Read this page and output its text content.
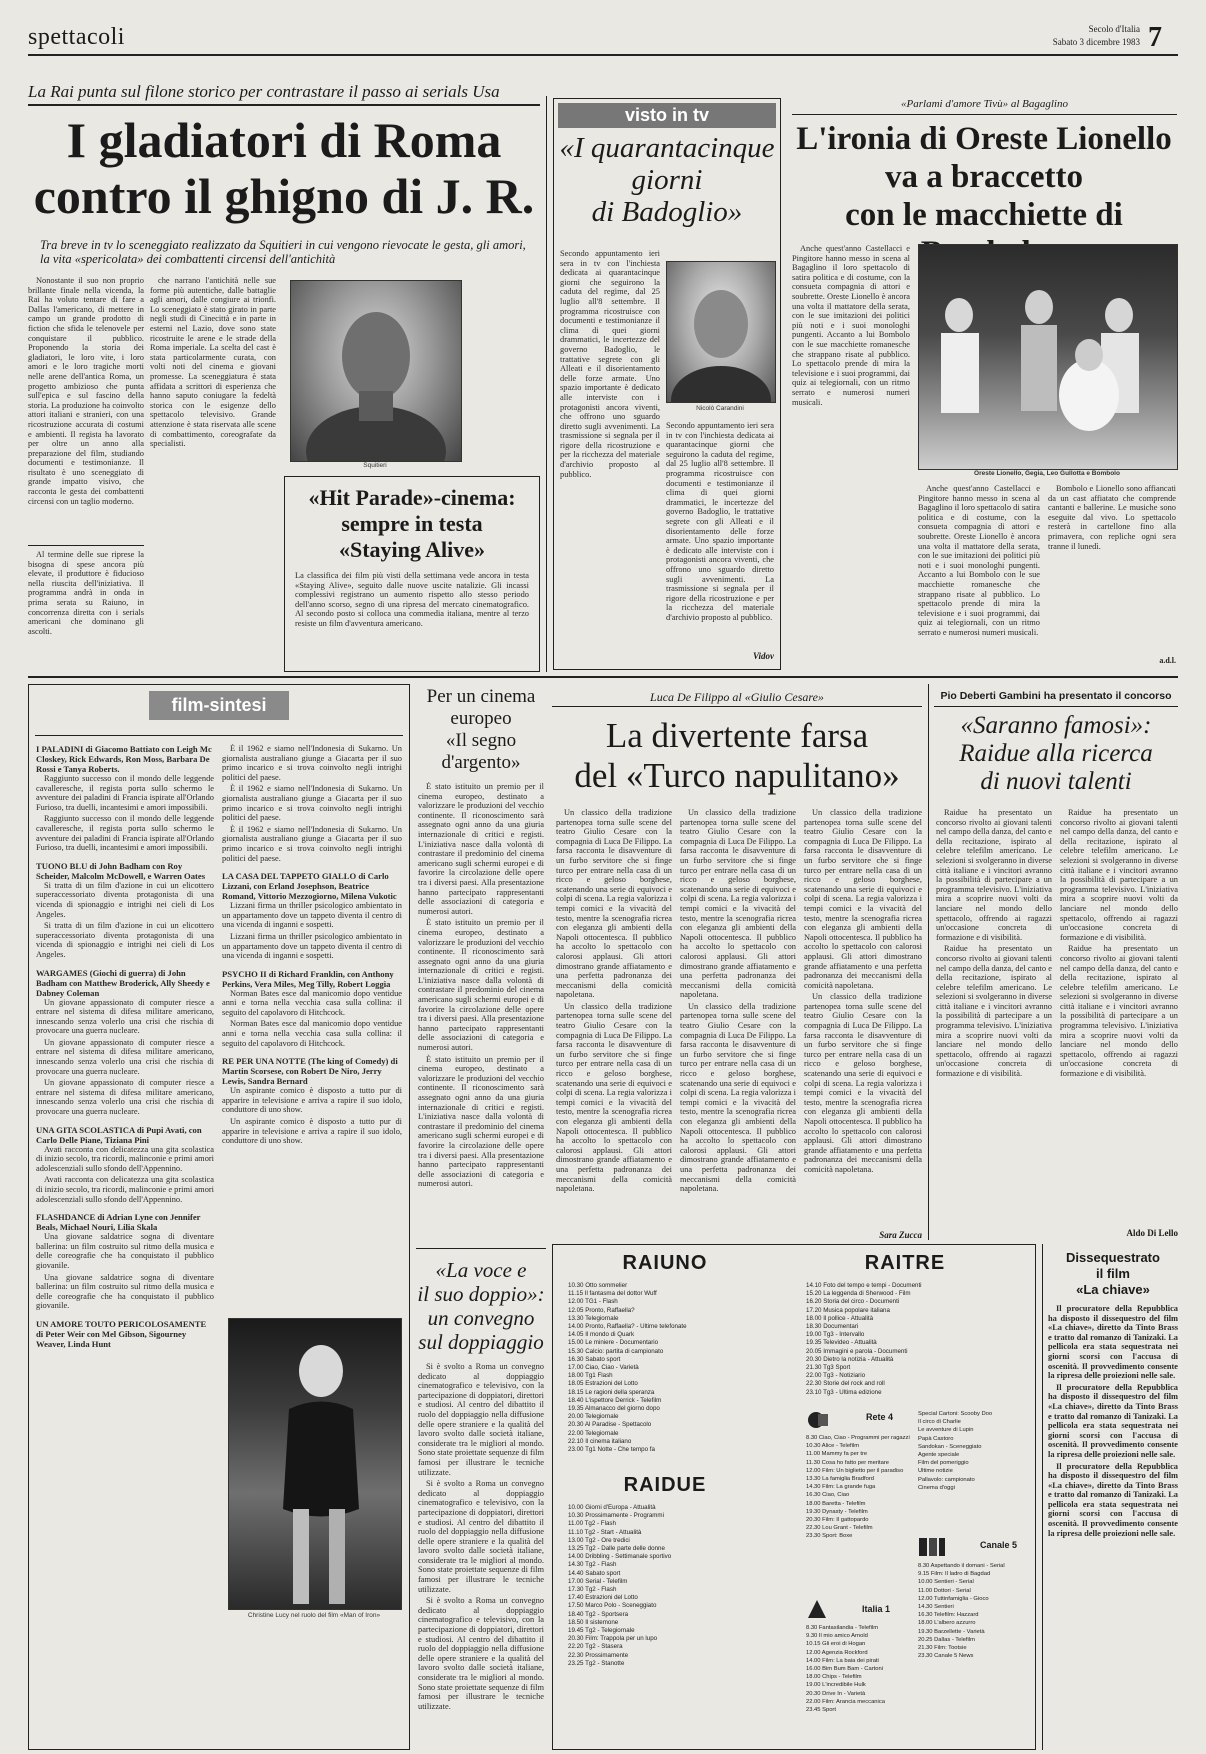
spettacoli	Secolo d'Italia
Sabato 3 dicembre 1983 7
La Rai punta sul filone storico per contrastare il passo ai serials Usa
I gladiatori di Roma
contro il ghigno di J. R.
Tra breve in tv lo sceneggiato realizzato da Squitieri in cui vengono rievocate le gesta, gli amori, la vita «spericolata» dei combattenti circensi dell'antichità

Nonostante il suo non proprio brillante finale nella vicenda, la Rai ha voluto tentare di fare a Dallas l'americano, di mettere in campo un grande prodotto di fiction che sfida le telenovele per conquistare il pubblico. Proponendo la storia dei gladiatori, le loro vite, i loro amori e le loro tragiche morti nelle arene dell'antica Roma, un progetto ambizioso che punta sull'epica e sul fascino della storia. La produzione ha coinvolto attori italiani e stranieri, con una ricostruzione accurata di costumi e ambienti. Il regista ha lavorato per oltre un anno alla preparazione del film, studiando documenti e testimonianze. Il risultato è uno sceneggiato di grande impatto visivo, che racconta le gesta dei combattenti circensi con un taglio moderno.

Al termine delle sue riprese la bisogna di spese ancora più elevate, il produttore è fiducioso nella riuscita dell'iniziativa. Il programma andrà in onda in prima serata su Raiuno, in concorrenza diretta con i serials americani che dominano gli ascolti.

che narrano l'antichità nelle sue forme più autentiche, dalle battaglie agli amori, dalle congiure ai trionfi. Lo sceneggiato è stato girato in parte negli studi di Cinecittà e in parte in esterni nel Lazio, dove sono state ricostruite le arene e le strade della Roma imperiale. La scelta del cast è stata particolarmente curata, con volti noti del cinema e giovani promesse. La sceneggiatura è stata affidata a scrittori di esperienza che hanno saputo coniugare la fedeltà storica con le esigenze dello spettacolo televisivo. Grande attenzione è stata riservata alle scene di combattimento, coreografate da specialisti.

Squitieri
«Hit Parade»-cinema:
sempre in testa
«Staying Alive»
La classifica dei film più visti della settimana vede ancora in testa «Staying Alive», seguito dalle nuove uscite natalizie. Gli incassi complessivi registrano un aumento rispetto allo stesso periodo dell'anno scorso, segno di una ripresa del mercato cinematografico. Al secondo posto si colloca una commedia italiana, mentre al terzo resiste un film d'avventura americano.
visto in tv
«I quarantacinque
giorni
di Badoglio»
Secondo appuntamento ieri sera in tv con l'inchiesta dedicata ai quarantacinque giorni che seguirono la caduta del regime, dal 25 luglio all'8 settembre. Il programma ricostruisce con documenti e testimonianze il clima di quei giorni drammatici, le incertezze del governo Badoglio, le trattative segrete con gli Alleati e il disorientamento delle forze armate. Uno spazio importante è dedicato alle interviste con i protagonisti ancora viventi, che offrono uno sguardo diretto sugli avvenimenti. La trasmissione si segnala per il rigore della ricostruzione e per la ricchezza del materiale d'archivio proposto al pubblico.
Nicolò Carandini
Secondo appuntamento ieri sera in tv con l'inchiesta dedicata ai quarantacinque giorni che seguirono la caduta del regime, dal 25 luglio all'8 settembre. Il programma ricostruisce con documenti e testimonianze il clima di quei giorni drammatici, le incertezze del governo Badoglio, le trattative segrete con gli Alleati e il disorientamento delle forze armate. Uno spazio importante è dedicato alle interviste con i protagonisti ancora viventi, che offrono uno sguardo diretto sugli avvenimenti. La trasmissione si segnala per il rigore della ricostruzione e per la ricchezza del materiale d'archivio proposto al pubblico.
Vidov
«Parlami d'amore Tivù» al Bagaglino
L'ironia di Oreste Lionello
va a braccetto
con le macchiette di

Anche quest'anno Castellacci e Pingitore hanno messo in scena al Bagaglino il loro spettacolo di satira politica e di costume, con la consueta compagnia di attori e soubrette. Oreste Lionello è ancora una volta il mattatore della serata, con le sue imitazioni dei politici più noti e i suoi monologhi pungenti. Accanto a lui Bombolo con le sue macchiette romanesche che strappano risate al pubblico. Lo spettacolo prende di mira la televisione e i suoi programmi, dai quiz ai telegiornali, con un ritmo serrato e numerosi numeri musicali.

Oreste Lionello, Gegia, Leo Gullotta e Bombolo

Anche quest'anno Castellacci e Pingitore hanno messo in scena al Bagaglino il loro spettacolo di satira politica e di costume, con la consueta compagnia di attori e soubrette. Oreste Lionello è ancora una volta il mattatore della serata, con le sue imitazioni dei politici più noti e i suoi monologhi pungenti. Accanto a lui Bombolo con le sue macchiette romanesche che strappano risate al pubblico. Lo spettacolo prende di mira la televisione e i suoi programmi, dai quiz ai telegiornali, con un ritmo serrato e numerosi numeri musicali.

Bombolo e Lionello sono affiancati da un cast affiatato che comprende cantanti e ballerine. Le musiche sono eseguite dal vivo. Lo spettacolo resterà in cartellone fino alla primavera, con repliche ogni sera tranne il lunedì.

a.d.l.
film-sintesi
I PALADINI di Giacomo Battiato con Leigh Mc Closkey, Rick Edwards, Ron Moss, Barbara De Rossi e Tanya Roberts.

Raggiunto successo con il mondo delle leggende cavalleresche, il regista porta sullo schermo le avventure dei paladini di Francia ispirate all'Orlando Furioso, tra duelli, incantesimi e amori impossibili.

Raggiunto successo con il mondo delle leggende cavalleresche, il regista porta sullo schermo le avventure dei paladini di Francia ispirate all'Orlando Furioso, tra duelli, incantesimi e amori impossibili.

TUONO BLU di John Badham con Roy Scheider, Malcolm McDowell, e Warren Oates

Si tratta di un film d'azione in cui un elicottero superaccessoriato diventa protagonista di una vicenda di spionaggio e intrighi nei cieli di Los Angeles.

Si tratta di un film d'azione in cui un elicottero superaccessoriato diventa protagonista di una vicenda di spionaggio e intrighi nei cieli di Los Angeles.

WARGAMES (Giochi di guerra) di John Badham con Matthew Broderick, Ally Sheedy e Dabney Coleman

Un giovane appassionato di computer riesce a entrare nel sistema di difesa militare americano, innescando senza volerlo una crisi che rischia di provocare una guerra nucleare.

Un giovane appassionato di computer riesce a entrare nel sistema di difesa militare americano, innescando senza volerlo una crisi che rischia di provocare una guerra nucleare.

Un giovane appassionato di computer riesce a entrare nel sistema di difesa militare americano, innescando senza volerlo una crisi che rischia di provocare una guerra nucleare.

UNA GITA SCOLASTICA di Pupi Avati, con Carlo Delle Piane, Tiziana Pini

Avati racconta con delicatezza una gita scolastica di inizio secolo, tra ricordi, malinconie e primi amori adolescenziali sullo sfondo dell'Appennino.

Avati racconta con delicatezza una gita scolastica di inizio secolo, tra ricordi, malinconie e primi amori adolescenziali sullo sfondo dell'Appennino.

FLASHDANCE di Adrian Lyne con Jennifer Beals, Michael Nouri, Lilia Skala

Una giovane saldatrice sogna di diventare ballerina: un film costruito sul ritmo della musica e delle coreografie che ha conquistato il pubblico giovanile.

Una giovane saldatrice sogna di diventare ballerina: un film costruito sul ritmo della musica e delle coreografie che ha conquistato il pubblico giovanile.

UN AMORE TOUTO PERICOLOSAMENTE di Peter Weir con Mel Gibson, Sigourney Weaver, Linda Hunt

È il 1962 e siamo nell'Indonesia di Sukarno. Un giornalista australiano giunge a Giacarta per il suo primo incarico e si trova coinvolto negli intrighi politici del paese.

È il 1962 e siamo nell'Indonesia di Sukarno. Un giornalista australiano giunge a Giacarta per il suo primo incarico e si trova coinvolto negli intrighi politici del paese.

È il 1962 e siamo nell'Indonesia di Sukarno. Un giornalista australiano giunge a Giacarta per il suo primo incarico e si trova coinvolto negli intrighi politici del paese.

LA CASA DEL TAPPETO GIALLO di Carlo Lizzani, con Erland Josephson, Beatrice Romand, Vittorio Mezzogiorno, Milena Vukotic

Lizzani firma un thriller psicologico ambientato in un appartamento dove un tappeto diventa il centro di una vicenda di inganni e sospetti.

Lizzani firma un thriller psicologico ambientato in un appartamento dove un tappeto diventa il centro di una vicenda di inganni e sospetti.

PSYCHO II di Richard Franklin, con Anthony Perkins, Vera Miles, Meg Tilly, Robert Loggia

Norman Bates esce dal manicomio dopo ventidue anni e torna nella vecchia casa sulla collina: il seguito del capolavoro di Hitchcock.

Norman Bates esce dal manicomio dopo ventidue anni e torna nella vecchia casa sulla collina: il seguito del capolavoro di Hitchcock.

RE PER UNA NOTTE (The king of Comedy) di Martin Scorsese, con Robert De Niro, Jerry Lewis, Sandra Bernard

Un aspirante comico è disposto a tutto pur di apparire in televisione e arriva a rapire il suo idolo, conduttore di uno show.

Un aspirante comico è disposto a tutto pur di apparire in televisione e arriva a rapire il suo idolo, conduttore di uno show.

Christine Lucy nel ruolo del film «Man of Iron»
Per un cinema
europeo
«Il segno
d'argento»

È stato istituito un premio per il cinema europeo, destinato a valorizzare le produzioni del vecchio continente. Il riconoscimento sarà assegnato ogni anno da una giuria internazionale di critici e registi. L'iniziativa nasce dalla volontà di contrastare il predominio del cinema americano sugli schermi europei e di favorire la circolazione delle opere tra i diversi paesi. Alla presentazione hanno partecipato rappresentanti delle associazioni di categoria e numerosi autori.

È stato istituito un premio per il cinema europeo, destinato a valorizzare le produzioni del vecchio continente. Il riconoscimento sarà assegnato ogni anno da una giuria internazionale di critici e registi. L'iniziativa nasce dalla volontà di contrastare il predominio del cinema americano sugli schermi europei e di favorire la circolazione delle opere tra i diversi paesi. Alla presentazione hanno partecipato rappresentanti delle associazioni di categoria e numerosi autori.

È stato istituito un premio per il cinema europeo, destinato a valorizzare le produzioni del vecchio continente. Il riconoscimento sarà assegnato ogni anno da una giuria internazionale di critici e registi. L'iniziativa nasce dalla volontà di contrastare il predominio del cinema americano sugli schermi europei e di favorire la circolazione delle opere tra i diversi paesi. Alla presentazione hanno partecipato rappresentanti delle associazioni di categoria e numerosi autori.

«La voce e
il suo doppio»:
un convegno
sul doppiaggio

Si è svolto a Roma un convegno dedicato al doppiaggio cinematografico e televisivo, con la partecipazione di doppiatori, direttori e studiosi. Al centro del dibattito il ruolo del doppiaggio nella diffusione delle opere straniere e la qualità del lavoro svolto dalle società italiane, considerate tra le migliori al mondo. Sono state proiettate sequenze di film famosi per illustrare le tecniche utilizzate.

Si è svolto a Roma un convegno dedicato al doppiaggio cinematografico e televisivo, con la partecipazione di doppiatori, direttori e studiosi. Al centro del dibattito il ruolo del doppiaggio nella diffusione delle opere straniere e la qualità del lavoro svolto dalle società italiane, considerate tra le migliori al mondo. Sono state proiettate sequenze di film famosi per illustrare le tecniche utilizzate.

Si è svolto a Roma un convegno dedicato al doppiaggio cinematografico e televisivo, con la partecipazione di doppiatori, direttori e studiosi. Al centro del dibattito il ruolo del doppiaggio nella diffusione delle opere straniere e la qualità del lavoro svolto dalle società italiane, considerate tra le migliori al mondo. Sono state proiettate sequenze di film famosi per illustrare le tecniche utilizzate.

Luca De Filippo al «Giulio Cesare»
La divertente farsa
del «Turco napulitano»

Un classico della tradizione partenopea torna sulle scene del teatro Giulio Cesare con la compagnia di Luca De Filippo. La farsa racconta le disavventure di un furbo servitore che si finge turco per entrare nella casa di un ricco e geloso borghese, scatenando una serie di equivoci e colpi di scena. La regia valorizza i tempi comici e la vivacità del testo, mentre la scenografia ricrea con eleganza gli ambienti della Napoli ottocentesca. Il pubblico ha accolto lo spettacolo con calorosi applausi. Gli attori dimostrano grande affiatamento e una perfetta padronanza dei meccanismi della comicità napoletana.

Un classico della tradizione partenopea torna sulle scene del teatro Giulio Cesare con la compagnia di Luca De Filippo. La farsa racconta le disavventure di un furbo servitore che si finge turco per entrare nella casa di un ricco e geloso borghese, scatenando una serie di equivoci e colpi di scena. La regia valorizza i tempi comici e la vivacità del testo, mentre la scenografia ricrea con eleganza gli ambienti della Napoli ottocentesca. Il pubblico ha accolto lo spettacolo con calorosi applausi. Gli attori dimostrano grande affiatamento e una perfetta padronanza dei meccanismi della comicità napoletana.

Un classico della tradizione partenopea torna sulle scene del teatro Giulio Cesare con la compagnia di Luca De Filippo. La farsa racconta le disavventure di un furbo servitore che si finge turco per entrare nella casa di un ricco e geloso borghese, scatenando una serie di equivoci e colpi di scena. La regia valorizza i tempi comici e la vivacità del testo, mentre la scenografia ricrea con eleganza gli ambienti della Napoli ottocentesca. Il pubblico ha accolto lo spettacolo con calorosi applausi. Gli attori dimostrano grande affiatamento e una perfetta padronanza dei meccanismi della comicità napoletana.

Un classico della tradizione partenopea torna sulle scene del teatro Giulio Cesare con la compagnia di Luca De Filippo. La farsa racconta le disavventure di un furbo servitore che si finge turco per entrare nella casa di un ricco e geloso borghese, scatenando una serie di equivoci e colpi di scena. La regia valorizza i tempi comici e la vivacità del testo, mentre la scenografia ricrea con eleganza gli ambienti della Napoli ottocentesca. Il pubblico ha accolto lo spettacolo con calorosi applausi. Gli attori dimostrano grande affiatamento e una perfetta padronanza dei meccanismi della comicità napoletana.

Un classico della tradizione partenopea torna sulle scene del teatro Giulio Cesare con la compagnia di Luca De Filippo. La farsa racconta le disavventure di un furbo servitore che si finge turco per entrare nella casa di un ricco e geloso borghese, scatenando una serie di equivoci e colpi di scena. La regia valorizza i tempi comici e la vivacità del testo, mentre la scenografia ricrea con eleganza gli ambienti della Napoli ottocentesca. Il pubblico ha accolto lo spettacolo con calorosi applausi. Gli attori dimostrano grande affiatamento e una perfetta padronanza dei meccanismi della comicità napoletana.

Un classico della tradizione partenopea torna sulle scene del teatro Giulio Cesare con la compagnia di Luca De Filippo. La farsa racconta le disavventure di un furbo servitore che si finge turco per entrare nella casa di un ricco e geloso borghese, scatenando una serie di equivoci e colpi di scena. La regia valorizza i tempi comici e la vivacità del testo, mentre la scenografia ricrea con eleganza gli ambienti della Napoli ottocentesca. Il pubblico ha accolto lo spettacolo con calorosi applausi. Gli attori dimostrano grande affiatamento e una perfetta padronanza dei meccanismi della comicità napoletana.

Sara Zucca
Pio Deberti Gambini ha presentato il concorso
«Saranno famosi»:
Raidue alla ricerca
di nuovi talenti

Raidue ha presentato un concorso rivolto ai giovani talenti nel campo della danza, del canto e della recitazione, ispirato al celebre telefilm americano. Le selezioni si svolgeranno in diverse città italiane e i vincitori avranno la possibilità di partecipare a un programma televisivo. L'iniziativa mira a scoprire nuovi volti da lanciare nel mondo dello spettacolo, offrendo ai ragazzi un'occasione concreta di formazione e di visibilità.

Raidue ha presentato un concorso rivolto ai giovani talenti nel campo della danza, del canto e della recitazione, ispirato al celebre telefilm americano. Le selezioni si svolgeranno in diverse città italiane e i vincitori avranno la possibilità di partecipare a un programma televisivo. L'iniziativa mira a scoprire nuovi volti da lanciare nel mondo dello spettacolo, offrendo ai ragazzi un'occasione concreta di formazione e di visibilità.

Raidue ha presentato un concorso rivolto ai giovani talenti nel campo della danza, del canto e della recitazione, ispirato al celebre telefilm americano. Le selezioni si svolgeranno in diverse città italiane e i vincitori avranno la possibilità di partecipare a un programma televisivo. L'iniziativa mira a scoprire nuovi volti da lanciare nel mondo dello spettacolo, offrendo ai ragazzi un'occasione concreta di formazione e di visibilità.

Raidue ha presentato un concorso rivolto ai giovani talenti nel campo della danza, del canto e della recitazione, ispirato al celebre telefilm americano. Le selezioni si svolgeranno in diverse città italiane e i vincitori avranno la possibilità di partecipare a un programma televisivo. L'iniziativa mira a scoprire nuovi volti da lanciare nel mondo dello spettacolo, offrendo ai ragazzi un'occasione concreta di formazione e di visibilità.

Aldo Di Lello
RAIUNO
10.30 Otto sommelier
11.15 Il fantasma del dottor Wuff
12.00 TG1 - Flash
12.05 Pronto, Raffaella?
13.30 Telegiornale
14.00 Pronto, Raffaella? - Ultime telefonate
14.05 Il mondo di Quark
15.00 Le miniere - Documentario
15.30 Calcio: partita di campionato
16.30 Sabato sport
17.00 Ciao, Ciao - Varietà
18.00 Tg1 Flash
18.05 Estrazioni del Lotto
18.15 Le ragioni della speranza
18.40 L'ispettore Derrick - Telefilm
19.35 Almanacco del giorno dopo
20.00 Telegiornale
20.30 Al Paradise - Spettacolo
22.00 Telegiornale
22.10 Il cinema italiano
23.00 Tg1 Notte - Che tempo fa
RAIDUE
10.00 Giorni d'Europa - Attualità
10.30 Prossimamente - Programmi
11.00 Tg2 - Flash
11.10 Tg2 - Start - Attualità
13.00 Tg2 - Ore tredici
13.25 Tg2 - Dalle parte delle donne
14.00 Dribbling - Settimanale sportivo
14.30 Tg2 - Flash
14.40 Sabato sport
17.00 Serial - Telefilm
17.30 Tg2 - Flash
17.40 Estrazioni del Lotto
17.50 Marco Polo - Sceneggiato
18.40 Tg2 - Sportsera
18.50 Il sistemone
19.45 Tg2 - Telegiornale
20.30 Film: Trappola per un lupo
22.20 Tg2 - Stasera
22.30 Prossimamente
23.25 Tg2 - Stanotte
RAITRE
14.10 Foto del tempo e tempi - Documenti
15.20 La leggenda di Sherwood - Film
16.20 Storia del circo - Documenti
17.20 Musica popolare italiana
18.00 Il pollice - Attualità
18.30 Documentari
19.00 Tg3 - Intervallo
19.35 Televideo - Attualità
20.05 Immagini e parola - Documenti
20.30 Dietro la notizia - Attualità
21.30 Tg3 Sport
22.00 Tg3 - Notiziario
22.30 Storie del rock and roll
23.10 Tg3 - Ultima edizione
Rete 4
8.30 Ciao, Ciao - Programmi per ragazzi
10.30 Alice - Telefilm
11.00 Mammy fa per tre
11.30 Cosa ho fatto per meritare
12.00 Film: Un biglietto per il paradiso
13.30 La famiglia Bradford
14.30 Film: La grande fuga
16.30 Ciao, Ciao
18.00 Baretta - Telefilm
19.30 Dynasty - Telefilm
20.30 Film: Il gattopardo
22.30 Lou Grant - Telefilm
23.30 Sport: Boxe
Special Cartoni: Scooby Doo
Il circo di Charlie
Le avventure di Lupin
Papà Castoro
Sandokan - Sceneggiato
Agente speciale
Film del pomeriggio
Ultime notizie
Pallavolo: campionato
Cinema d'oggi
Canale 5
8.30 Aspettando il domani - Serial
9.15 Film: Il ladro di Bagdad
10.00 Sentieri - Serial
11.00 Dottori - Serial
12.00 Tuttinfamiglia - Gioco
14.30 Sentieri
16.30 Telefilm: Hazzard
18.00 L'albero azzurro
19.30 Barzellette - Varietà
20.25 Dallas - Telefilm
21.30 Film: Tootsie
23.30 Canale 5 News
Italia 1
8.30 Fantasilandia - Telefilm
9.30 Il mio amico Arnold
10.15 Gli eroi di Hogan
12.00 Agenzia Rockford
14.00 Film: La baia dei pirati
16.00 Bim Bum Bam - Cartoni
18.00 Chips - Telefilm
19.00 L'incredibile Hulk
20.30 Drive In - Varietà
22.00 Film: Arancia meccanica
23.45 Sport
Dissequestrato
il film
«La chiave»

Il procuratore della Repubblica ha disposto il dissequestro del film «La chiave», diretto da Tinto Brass e tratto dal romanzo di Tanizaki. La pellicola era stata sequestrata nei giorni scorsi con l'accusa di oscenità. Il provvedimento consente la ripresa delle proiezioni nelle sale.

Il procuratore della Repubblica ha disposto il dissequestro del film «La chiave», diretto da Tinto Brass e tratto dal romanzo di Tanizaki. La pellicola era stata sequestrata nei giorni scorsi con l'accusa di oscenità. Il provvedimento consente la ripresa delle proiezioni nelle sale.

Il procuratore della Repubblica ha disposto il dissequestro del film «La chiave», diretto da Tinto Brass e tratto dal romanzo di Tanizaki. La pellicola era stata sequestrata nei giorni scorsi con l'accusa di oscenità. Il provvedimento consente la ripresa delle proiezioni nelle sale.
